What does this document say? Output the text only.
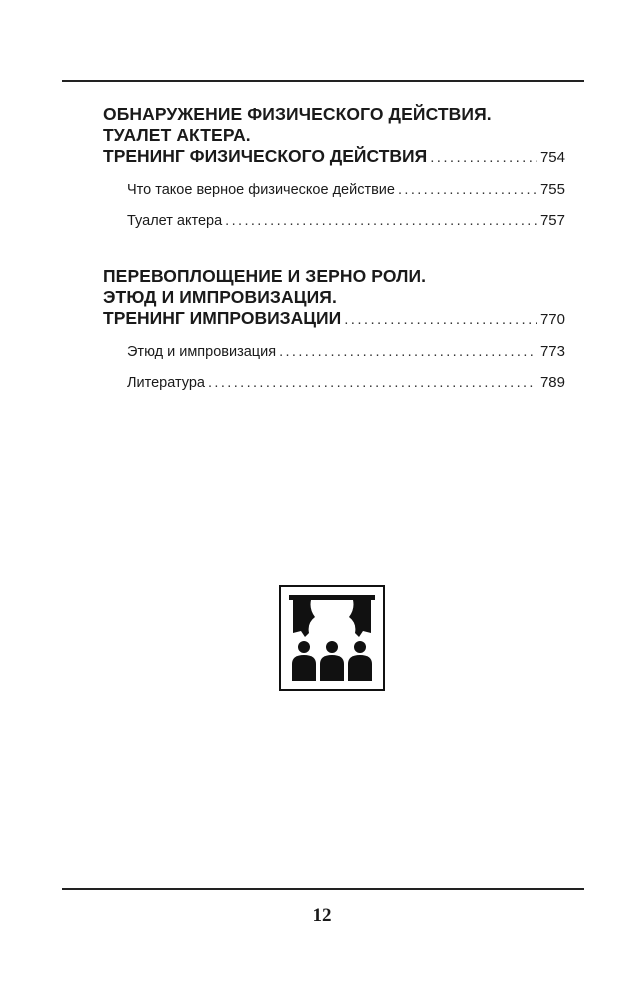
ОБНАРУЖЕНИЕ ФИЗИЧЕСКОГО ДЕЙСТВИЯ.
ТУАЛЕТ АКТЕРА.
ТРЕНИНГ ФИЗИЧЕСКОГО ДЕЙСТВИЯ .....	754
Что такое верное физическое действие .....	755
Туалет актера .....	757
ПЕРЕВОПЛОЩЕНИЕ И ЗЕРНО РОЛИ.
ЭТЮД И ИМПРОВИЗАЦИЯ.
ТРЕНИНГ ИМПРОВИЗАЦИИ .....	770
Этюд и импровизация .....	773
Литература .....	789
12
